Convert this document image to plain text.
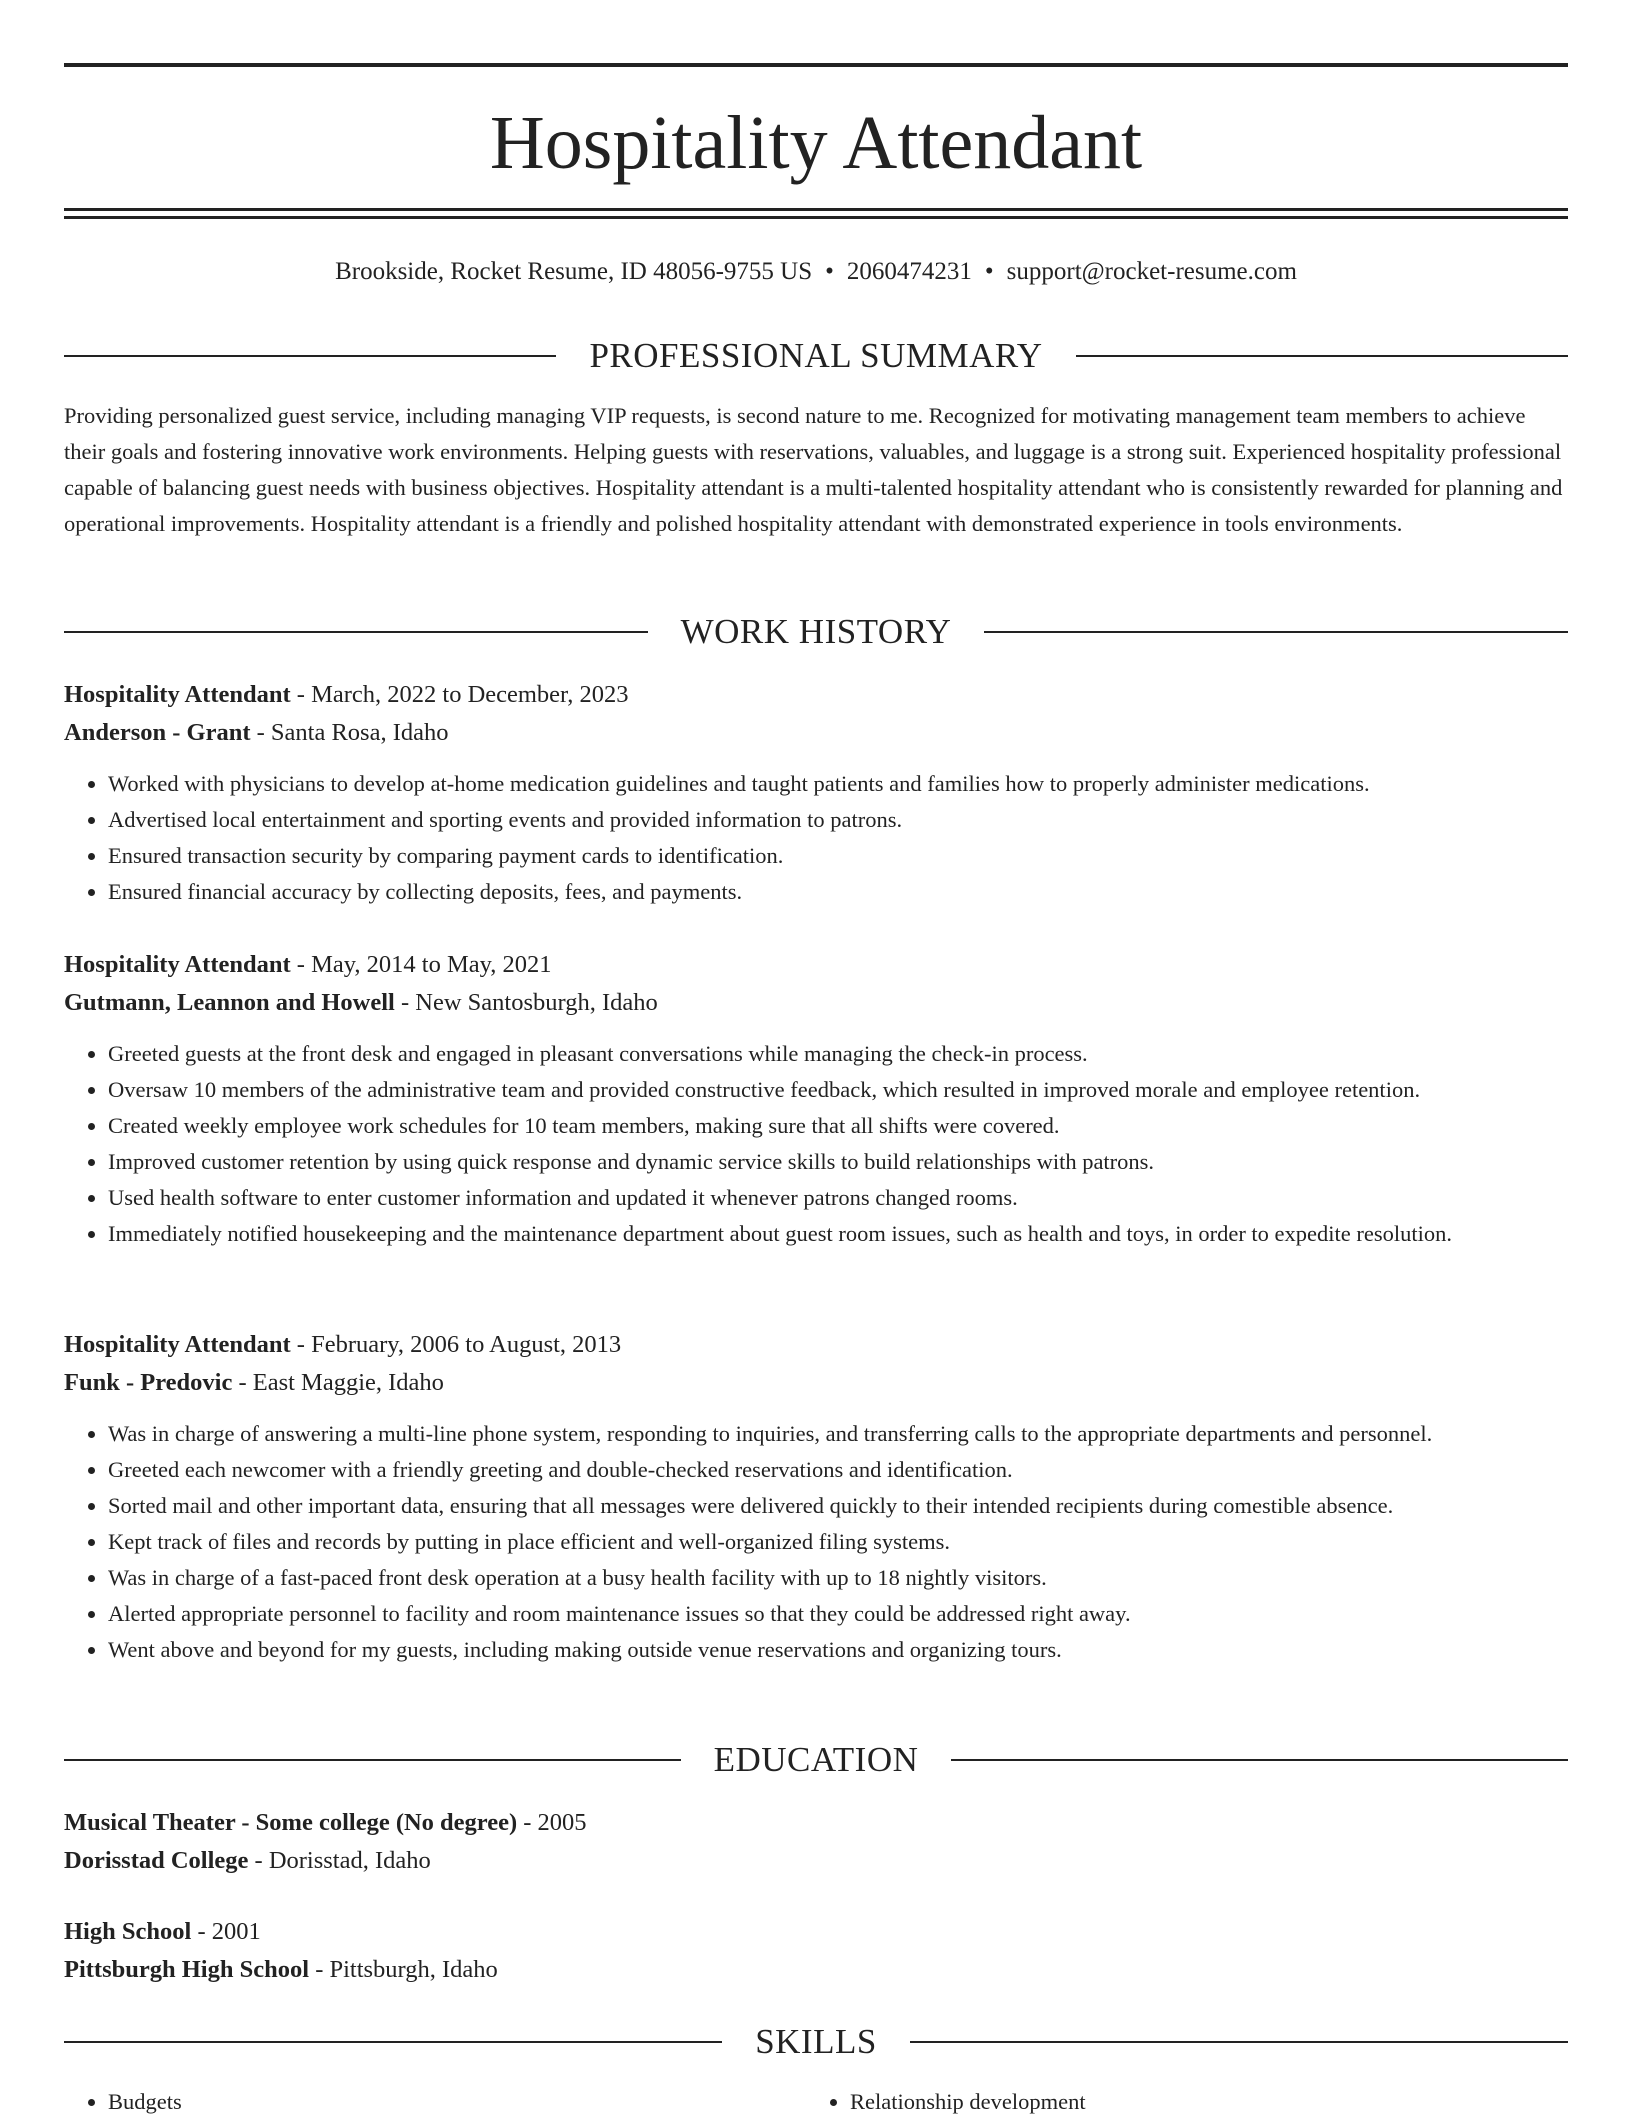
Hospitality Attendant
Brookside, Rocket Resume, ID 48056-9755 US • 2060474231 • support@rocket-resume.com
PROFESSIONAL SUMMARY

Providing personalized guest service, including managing VIP requests, is second nature to me. Recognized for motivating management team members to achieve their goals and fostering innovative work environments. Helping guests with reservations, valuables, and luggage is a strong suit. Experienced hospitality professional capable of balancing guest needs with business objectives. Hospitality attendant is a multi-talented hospitality attendant who is consistently rewarded for planning and operational improvements. Hospitality attendant is a friendly and polished hospitality attendant with demonstrated experience in tools environments.

WORK HISTORY
Hospitality Attendant - March, 2022 to December, 2023
Anderson - Grant - Santa Rosa, Idaho
• Worked with physicians to develop at-home medication guidelines and taught patients and families how to properly administer medications.
• Advertised local entertainment and sporting events and provided information to patrons.
• Ensured transaction security by comparing payment cards to identification.
• Ensured financial accuracy by collecting deposits, fees, and payments.
Hospitality Attendant - May, 2014 to May, 2021
Gutmann, Leannon and Howell - New Santosburgh, Idaho
• Greeted guests at the front desk and engaged in pleasant conversations while managing the check-in process.
• Oversaw 10 members of the administrative team and provided constructive feedback, which resulted in improved morale and employee retention.
• Created weekly employee work schedules for 10 team members, making sure that all shifts were covered.
• Improved customer retention by using quick response and dynamic service skills to build relationships with patrons.
• Used health software to enter customer information and updated it whenever patrons changed rooms.
• Immediately notified housekeeping and the maintenance department about guest room issues, such as health and toys, in order to expedite resolution.
Hospitality Attendant - February, 2006 to August, 2013
Funk - Predovic - East Maggie, Idaho
• Was in charge of answering a multi-line phone system, responding to inquiries, and transferring calls to the appropriate departments and personnel.
• Greeted each newcomer with a friendly greeting and double-checked reservations and identification.
• Sorted mail and other important data, ensuring that all messages were delivered quickly to their intended recipients during comestible absence.
• Kept track of files and records by putting in place efficient and well-organized filing systems.
• Was in charge of a fast-paced front desk operation at a busy health facility with up to 18 nightly visitors.
• Alerted appropriate personnel to facility and room maintenance issues so that they could be addressed right away.
• Went above and beyond for my guests, including making outside venue reservations and organizing tours.
EDUCATION
Musical Theater - Some college (No degree) - 2005
Dorisstad College - Dorisstad, Idaho
High School - 2001
Pittsburgh High School - Pittsburgh, Idaho
SKILLS
• Budgets
•	Relationship development
